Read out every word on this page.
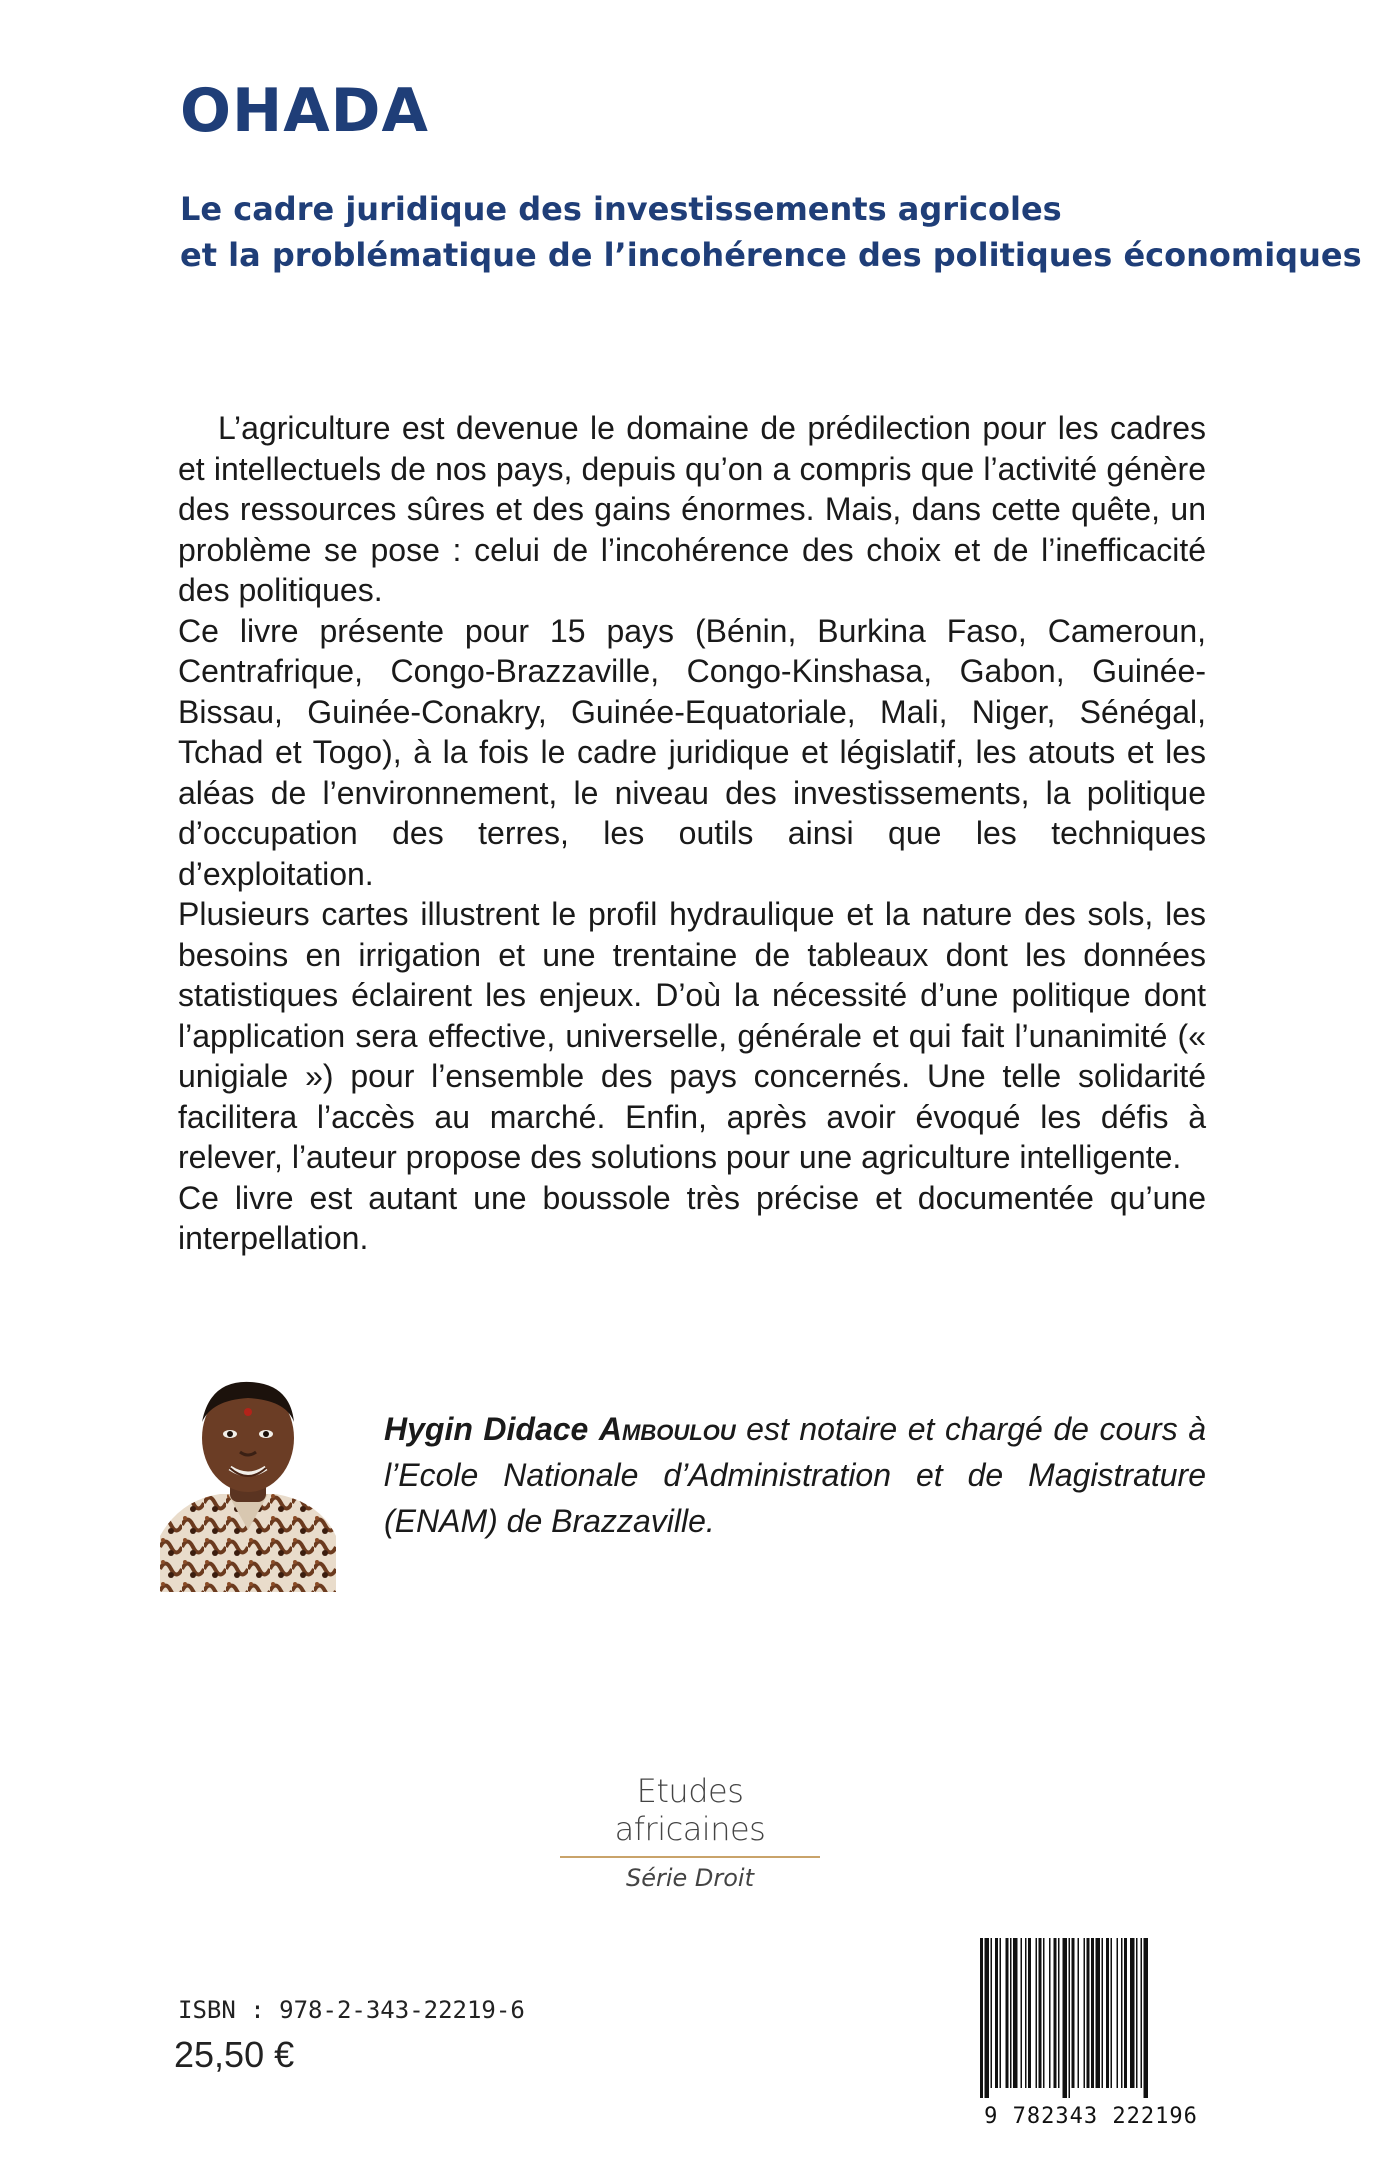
OHADA
Le cadre juridique des investissements agricoles
et la problématique de l’incohérence des politiques économiques

L’agriculture est devenue le domaine de prédilection pour les cadres et intellectuels de nos pays, depuis qu’on a compris que l’activité génère des ressources sûres et des gains énormes. Mais, dans cette quête, un problème se pose : celui de l’incohérence des choix et de l’inefficacité des politiques.

Ce livre présente pour 15 pays (Bénin, Burkina Faso, Cameroun, Centrafrique, Congo-Brazzaville, Congo-Kinshasa, Gabon, Guinée-Bissau, Guinée-Conakry, Guinée-Equatoriale, Mali, Niger, Sénégal, Tchad et Togo), à la fois le cadre juridique et législatif, les atouts et les aléas de l’environnement, le niveau des investissements, la politique d’occupation des terres, les outils ainsi que les techniques d’exploitation.

Plusieurs cartes illustrent le profil hydraulique et la nature des sols, les besoins en irrigation et une trentaine de tableaux dont les données statistiques éclairent les enjeux. D’où la nécessité d’une politique dont l’application sera effective, universelle, générale et qui fait l’unanimité (« unigiale ») pour l’ensemble des pays concernés. Une telle solidarité facilitera l’accès au marché. Enfin, après avoir évoqué les défis à relever, l’auteur propose des solutions pour une agriculture intelligente.

Ce livre est autant une boussole très précise et documentée qu’une interpellation.

Hygin Didace Amboulou est notaire et chargé de cours à l’Ecole Nationale d’Administration et de Magistrature (ENAM) de Brazzaville.

Etudes africaines
Série Droit
ISBN : 978-2-343-22219-6
25,50 €
9 782343 222196
